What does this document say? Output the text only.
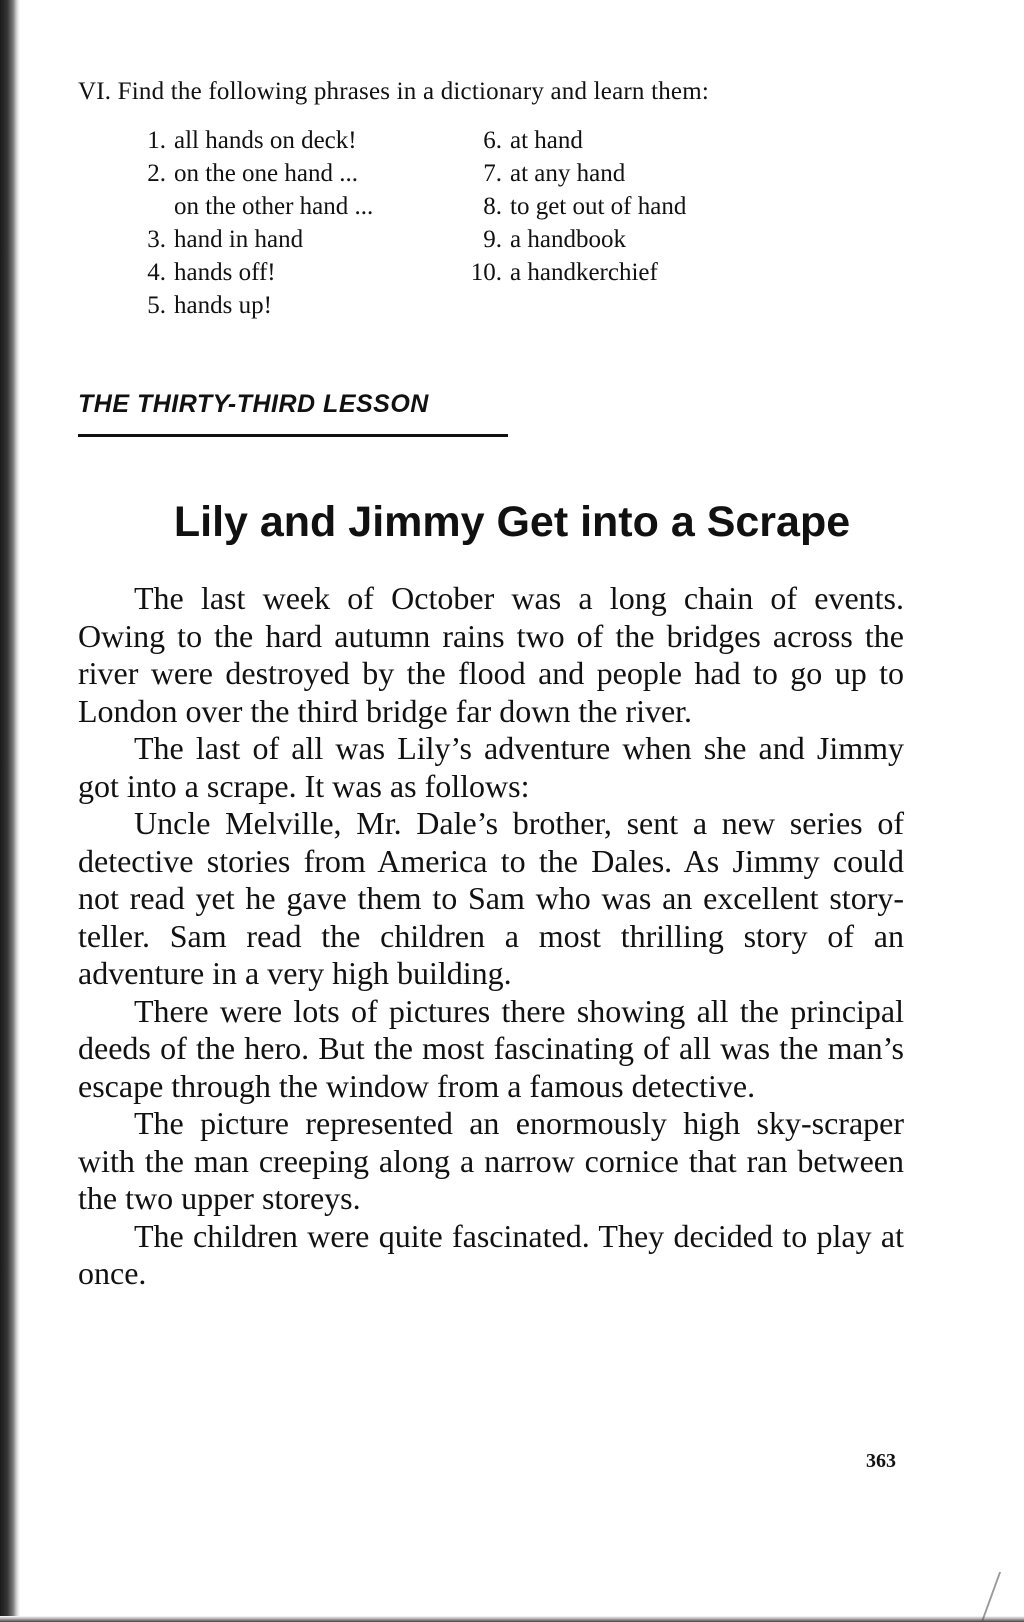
VI. Find the following phrases in a dictionary and learn them:
1. all hands on deck!
2. on the one hand ...
on the other hand ...
3. hand in hand
4. hands off!
5. hands up!
6. at hand
7. at any hand
8. to get out of hand
9. a handbook
10. a handkerchief
THE THIRTY-THIRD LESSON
Lily and Jimmy Get into a Scrape

The last week of October was a long chain of events. Owing to the hard autumn rains two of the bridges across the river were destroyed by the flood and people had to go up to London over the third bridge far down the river.

The last of all was Lily’s adventure when she and Jimmy got into a scrape. It was as follows:

Uncle Melville, Mr. Dale’s brother, sent a new series of detective stories from America to the Dales. As Jimmy could not read yet he gave them to Sam who was an excellent story-teller. Sam read the children a most thrilling story of an adventure in a very high building.

There were lots of pictures there showing all the principal deeds of the hero. But the most fascinating of all was the man’s escape through the window from a famous detective.

The picture represented an enormously high sky-scraper with the man creeping along a narrow cornice that ran between the two upper storeys.

The children were quite fascinated. They decided to play at once.

363
